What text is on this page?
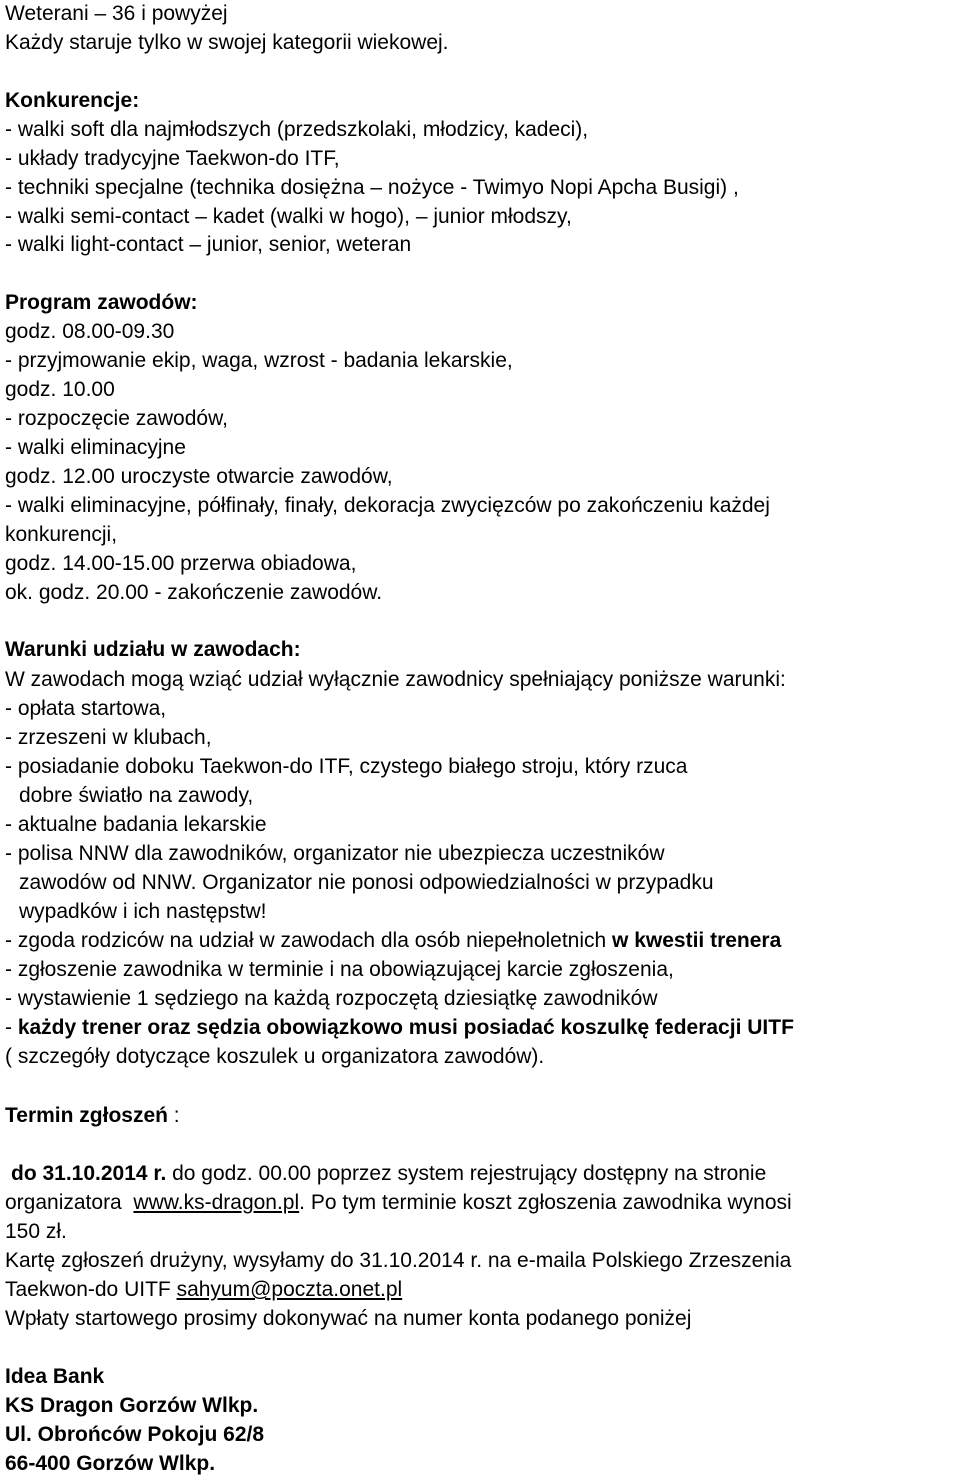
Weterani – 36 i powyżej
Każdy staruje tylko w swojej kategorii wiekowej.
Konkurencje:
- walki soft dla najmłodszych (przedszkolaki, młodzicy, kadeci),
- układy tradycyjne Taekwon-do ITF,
- techniki specjalne (technika dosiężna – nożyce - Twimyo Nopi Apcha Busigi) ,
- walki semi-contact – kadet (walki w hogo), – junior młodszy,
- walki light-contact – junior, senior, weteran
Program zawodów:
godz. 08.00-09.30
- przyjmowanie ekip, waga, wzrost - badania lekarskie,
godz. 10.00
- rozpoczęcie zawodów,
- walki eliminacyjne
godz. 12.00 uroczyste otwarcie zawodów,
- walki eliminacyjne, półfinały, finały, dekoracja zwycięzców po zakończeniu każdej
konkurencji,
godz. 14.00-15.00 przerwa obiadowa,
ok. godz. 20.00 - zakończenie zawodów.
Warunki udziału w zawodach:
W zawodach mogą wziąć udział wyłącznie zawodnicy spełniający poniższe warunki:
- opłata startowa,
- zrzeszeni w klubach,
- posiadanie doboku Taekwon-do ITF, czystego białego stroju, który rzuca
dobre światło na zawody,
- aktualne badania lekarskie
- polisa NNW dla zawodników, organizator nie ubezpiecza uczestników
zawodów od NNW. Organizator nie ponosi odpowiedzialności w przypadku
wypadków i ich następstw!
- zgoda rodziców na udział w zawodach dla osób niepełnoletnich w kwestii trenera
- zgłoszenie zawodnika w terminie i na obowiązującej karcie zgłoszenia,
- wystawienie 1 sędziego na każdą rozpoczętą dziesiątkę zawodników
- każdy trener oraz sędzia obowiązkowo musi posiadać koszulkę federacji UITF
( szczegóły dotyczące koszulek u organizatora zawodów).
Termin zgłoszeń :
do 31.10.2014 r. do godz. 00.00 poprzez system rejestrujący dostępny na stronie
organizatora  www.ks-dragon.pl. Po tym terminie koszt zgłoszenia zawodnika wynosi
150 zł.
Kartę zgłoszeń drużyny, wysyłamy do 31.10.2014 r. na e-maila Polskiego Zrzeszenia
Taekwon-do UITF sahyum@poczta.onet.pl
Wpłaty startowego prosimy dokonywać na numer konta podanego poniżej
Idea Bank
KS Dragon Gorzów Wlkp.
Ul. Obrońców Pokoju 62/8
66-400 Gorzów Wlkp.
